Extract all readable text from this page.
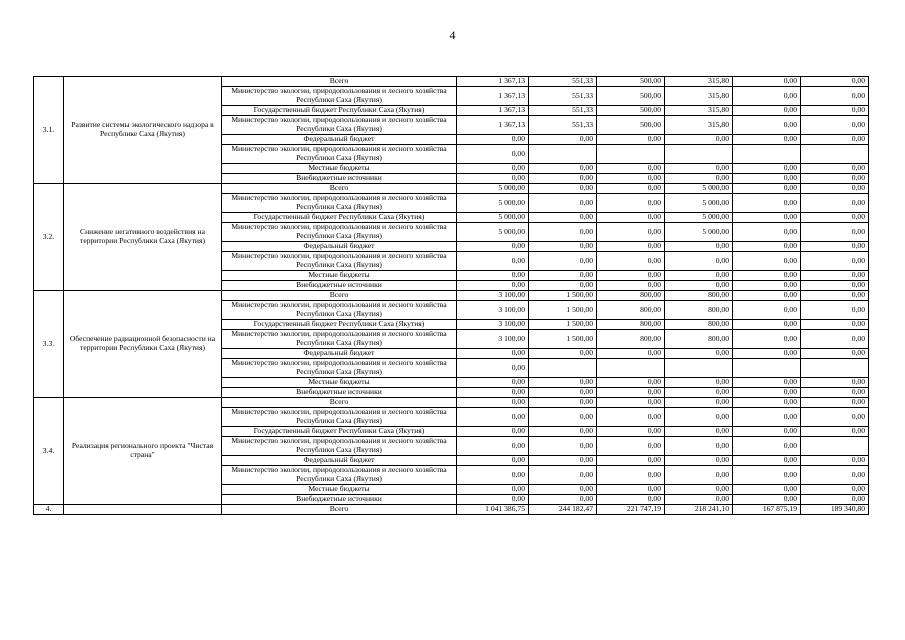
4
3.1.	Развитие системы экологического надзора в Республике Саха (Якутия)	Всего	1 367,13	551,33	500,00	315,80	0,00	0,00
		Министерство экологии, природопользования и лесного хозяйства Республики Саха (Якутия)	1 367,13	551,33	500,00	315,80	0,00	0,00
		Государственный бюджет Республики Саха (Якутия)	1 367,13	551,33	500,00	315,80	0,00	0,00
		Министерство экологии, природопользования и лесного хозяйства Республики Саха (Якутия)	1 367,13	551,33	500,00	315,80	0,00	0,00
		Федеральный бюджет	0,00	0,00	0,00	0,00	0,00	0,00
		Министерство экологии, природопользования и лесного хозяйства Республики Саха (Якутия)	0,00					
		Местные бюджеты	0,00	0,00	0,00	0,00	0,00	0,00
		Внебюджетные источники	0,00	0,00	0,00	0,00	0,00	0,00
3.2.	Снижение негативного воздействия на территории Республики Саха (Якутия)	Всего	5 000,00	0,00	0,00	5 000,00	0,00	0,00
		Министерство экологии, природопользования и лесного хозяйства Республики Саха (Якутия)	5 000,00	0,00	0,00	5 000,00	0,00	0,00
		Государственный бюджет Республики Саха (Якутия)	5 000,00	0,00	0,00	5 000,00	0,00	0,00
		Министерство экологии, природопользования и лесного хозяйства Республики Саха (Якутия)	5 000,00	0,00	0,00	5 000,00	0,00	0,00
		Федеральный бюджет	0,00	0,00	0,00	0,00	0,00	0,00
		Министерство экологии, природопользования и лесного хозяйства Республики Саха (Якутия)	0,00	0,00	0,00	0,00	0,00	0,00
		Местные бюджеты	0,00	0,00	0,00	0,00	0,00	0,00
		Внебюджетные источники	0,00	0,00	0,00	0,00	0,00	0,00
3.3.	Обеспечение радиационной безопасности на территории Республики Саха (Якутия)	Всего	3 100,00	1 500,00	800,00	800,00	0,00	0,00
		Министерство экологии, природопользования и лесного хозяйства Республики Саха (Якутия)	3 100,00	1 500,00	800,00	800,00	0,00	0,00
		Государственный бюджет Республики Саха (Якутия)	3 100,00	1 500,00	800,00	800,00	0,00	0,00
		Министерство экологии, природопользования и лесного хозяйства Республики Саха (Якутия)	3 100,00	1 500,00	800,00	800,00	0,00	0,00
		Федеральный бюджет	0,00	0,00	0,00	0,00	0,00	0,00
		Министерство экологии, природопользования и лесного хозяйства Республики Саха (Якутия)	0,00					
		Местные бюджеты	0,00	0,00	0,00	0,00	0,00	0,00
		Внебюджетные источники	0,00	0,00	0,00	0,00	0,00	0,00
3.4.	Реализация регионального проекта "Чистая страна"	Всего	0,00	0,00	0,00	0,00	0,00	0,00
		Министерство экологии, природопользования и лесного хозяйства Республики Саха (Якутия)	0,00	0,00	0,00	0,00	0,00	0,00
		Государственный бюджет Республики Саха (Якутия)	0,00	0,00	0,00	0,00	0,00	0,00
		Министерство экологии, природопользования и лесного хозяйства Республики Саха (Якутия)	0,00	0,00	0,00	0,00	0,00	
		Федеральный бюджет	0,00	0,00	0,00	0,00	0,00	0,00
		Министерство экологии, природопользования и лесного хозяйства Республики Саха (Якутия)	0,00	0,00	0,00	0,00	0,00	0,00
		Местные бюджеты	0,00	0,00	0,00	0,00	0,00	0,00
		Внебюджетные источники	0,00	0,00	0,00	0,00	0,00	0,00
4.		Всего	1 041 386,75	244 182,47	221 747,19	218 241,10	167 875,19	189 340,80
